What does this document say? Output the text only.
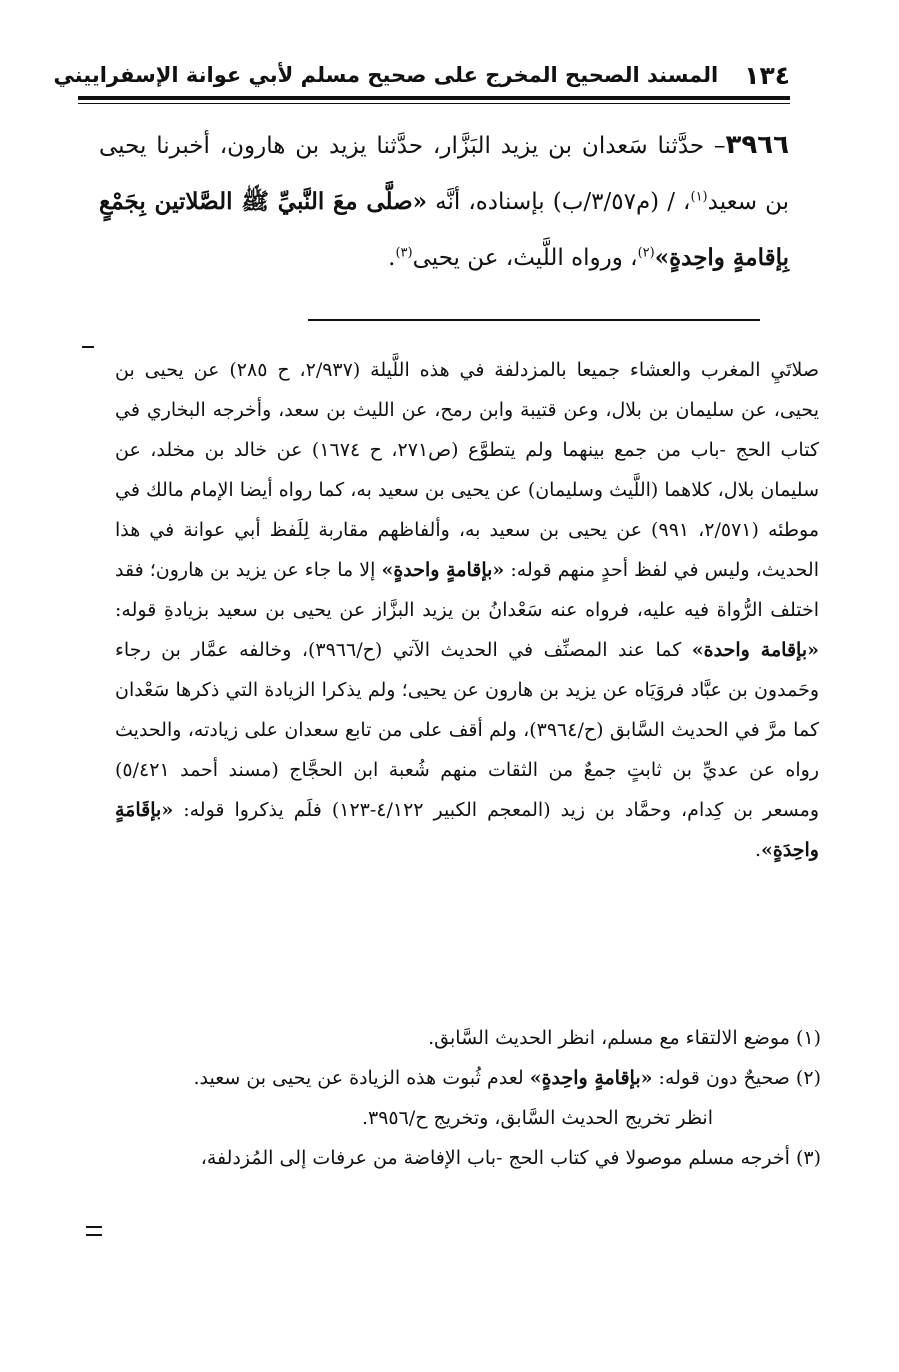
١٣٤
المسند الصحيح المخرج على صحيح مسلم لأبي عوانة الإسفراييني
٣٩٦٦– حدَّثنا سَعدان بن يزيد البَزَّار، حدَّثنا يزيد بن هارون، أخبرنا يحيى بن سعيد$^{(١)}$، / (م٣/٥٧/ب) بإسناده، أنَّه «صلَّى معَ النَّبيِّ ﷺ الصَّلاتين بِجَمْعٍ بِإقامةٍ واحِدةٍ»$^{(٢)}$، ورواه اللَّيث، عن يحيى$^{(٣)}$.
صلاتَيِ المغرب والعشاء جميعا بالمزدلفة في هذه اللَّيلة (٢/٩٣٧، ح ٢٨٥) عن يحيى بن يحيى، عن سليمان بن بلال، وعن قتيبة وابن رمح، عن الليث بن سعد، وأخرجه البخاري في كتاب الحج -باب من جمع بينهما ولم يتطوَّع (ص٢٧١، ح ١٦٧٤) عن خالد بن مخلد، عن سليمان بلال، كلاهما (اللَّيث وسليمان) عن يحيى بن سعيد به، كما رواه أيضا الإمام مالك في موطئه (٢/٥٧١، ٩٩١) عن يحيى بن سعيد به، وألفاظهم مقاربة لِلَفظ أبي عوانة في هذا الحديث، وليس في لفظ أحدٍ منهم قوله: «بإقامةٍ واحدةٍ» إلا ما جاء عن يزيد بن هارون؛ فقد اختلف الرُّواة فيه عليه، فرواه عنه سَعْدانُ بن يزيد البزَّاز عن يحيى بن سعيد بزيادةِ قوله: «بإقامة واحدة» كما عند المصنِّف في الحديث الآتي (ح/٣٩٦٦)، وخالفه عمَّار بن رجاء وحَمدون بن عبَّاد فروَيَاه عن يزيد بن هارون عن يحيى؛ ولم يذكرا الزيادة التي ذكرها سَعْدان كما مرَّ في الحديث السَّابق (ح/٣٩٦٤)، ولم أقف على من تابع سعدان على زيادته، والحديث رواه عن عديِّ بن ثابتٍ جمعٌ من الثقات منهم شُعبة ابن الحجَّاج (مسند أحمد ٥/٤٢١) ومسعر بن كِدام، وحمَّاد بن زيد (المعجم الكبير ٤/١٢٢-١٢٣) فلَم يذكروا قوله: «بإقَامَةٍ واحِدَةٍ».

(١) موضع الالتقاء مع مسلم، انظر الحديث السَّابق.

(٢) صحيحٌ دون قوله: «بإقامةٍ واحِدةٍ» لعدم ثُبوت هذه الزيادة عن يحيى بن سعيد.

انظر تخريج الحديث السَّابق، وتخريج ح/٣٩٥٦.

(٣) أخرجه مسلم موصولا في كتاب الحج -باب الإفاضة من عرفات إلى المُزدلفة،
